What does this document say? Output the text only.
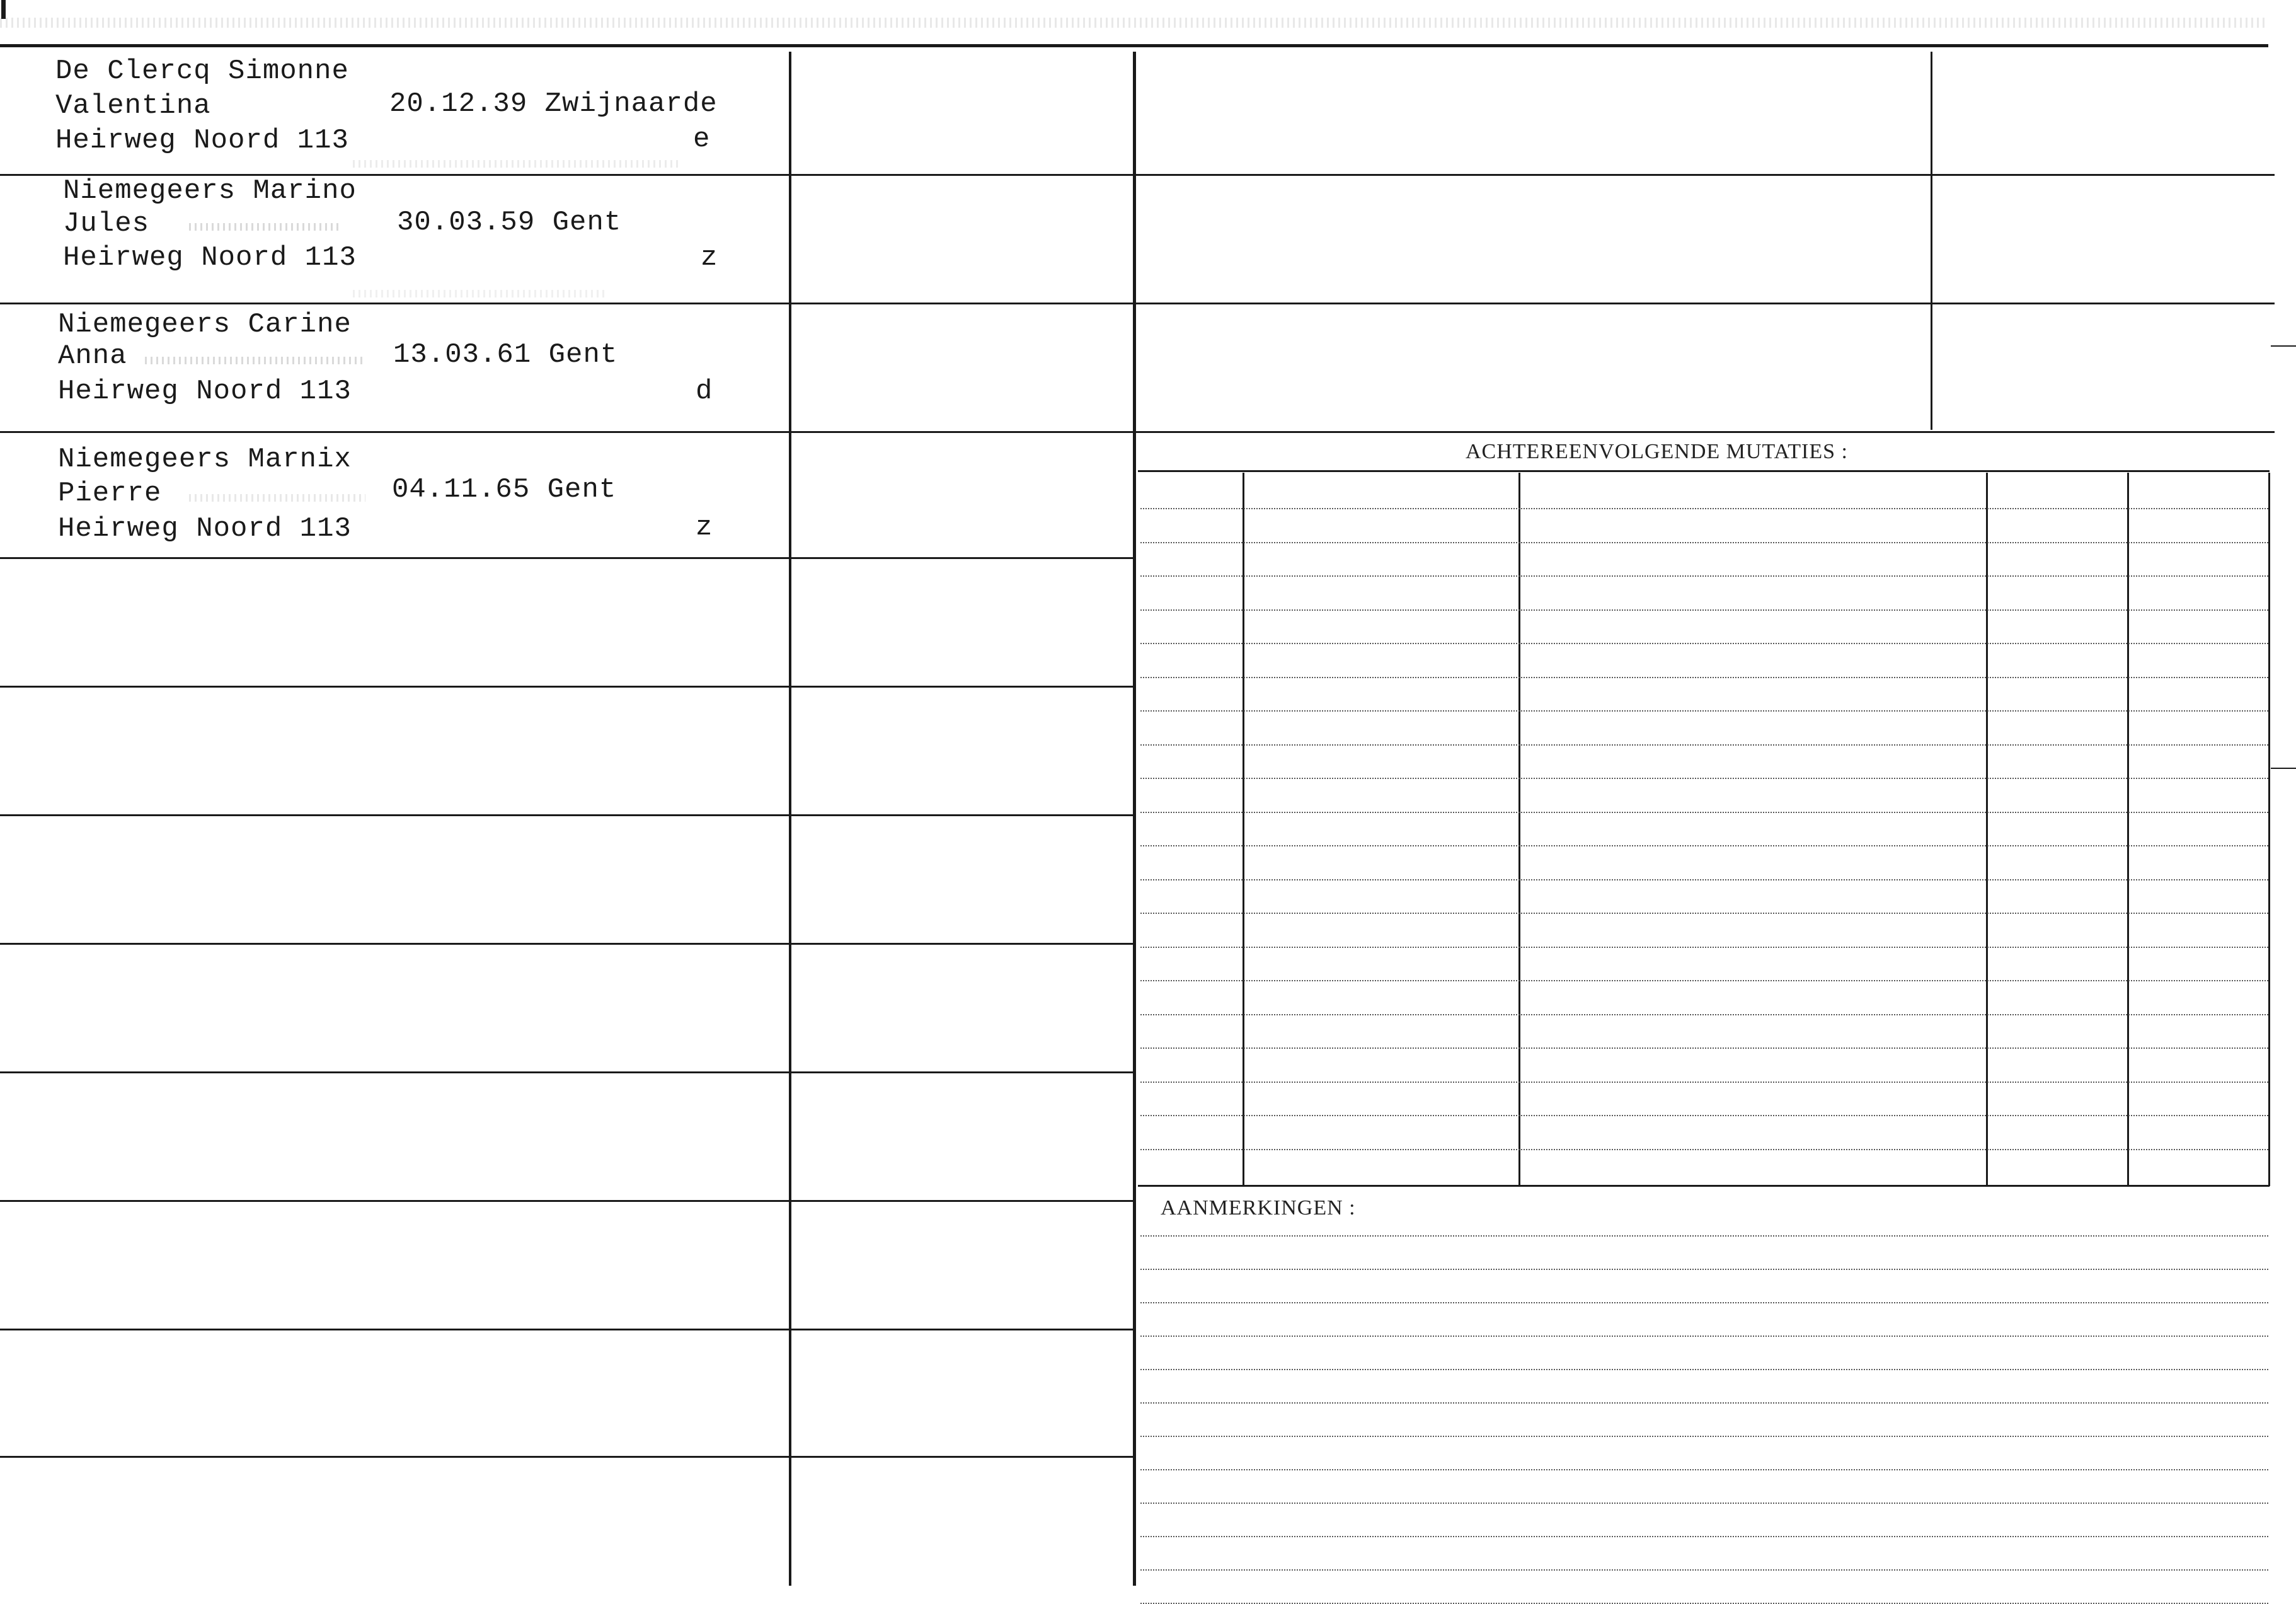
De Clercq Simonne
Valentina
Heirweg Noord 113
20.12.39 Zwijnaarde
e
Niemegeers Marino
Jules
Heirweg Noord 113
30.03.59 Gent
z
Niemegeers Carine
Anna
Heirweg Noord 113
13.03.61 Gent
d
Niemegeers Marnix
Pierre
Heirweg Noord 113
04.11.65 Gent
z
ACHTEREENVOLGENDE MUTATIES :
AANMERKINGEN :
